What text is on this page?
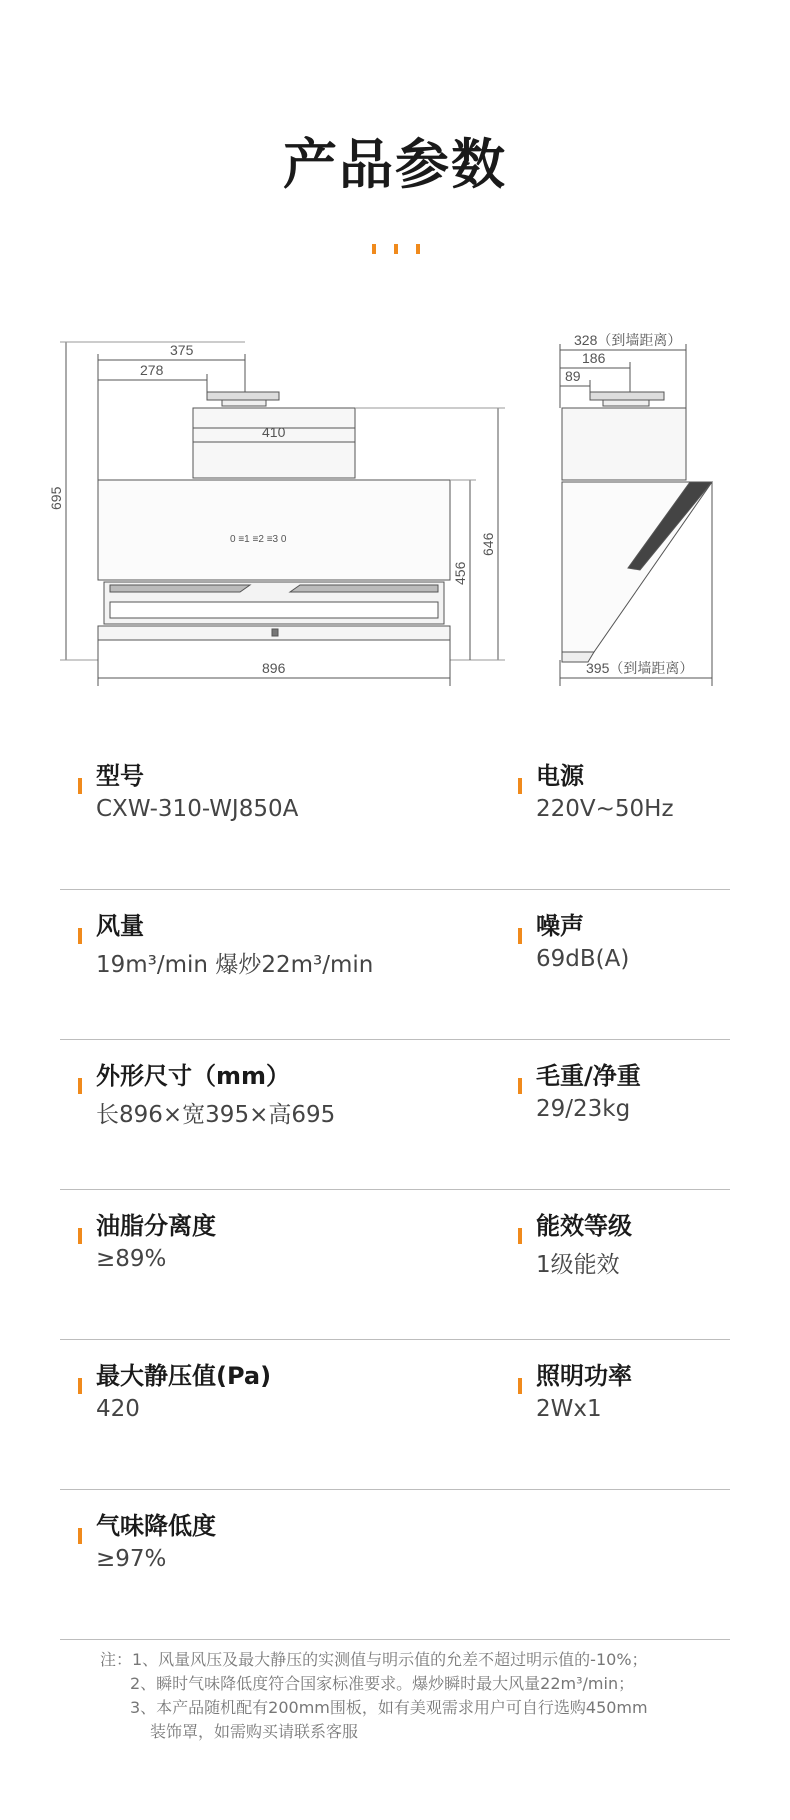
产品参数
375
278
410
695
646
456
896
0 ≡1 ≡2 ≡3 0
328（到墙距离）
186
89
395（到墙距离）
型号
CXW-310-WJ850A
电源
220V~50Hz
风量
19m³/min 爆炒22m³/min
噪声
69dB(A)
外形尺寸（mm）
长896×宽395×高695
毛重/净重
29/23kg
油脂分离度
≥89%
能效等级
1级能效
最大静压值(Pa)
420
照明功率
2Wx1
气味降低度
≥97%
注：1、风量风压及最大静压的实测值与明示值的允差不超过明示值的-10%；
2、瞬时气味降低度符合国家标准要求。爆炒瞬时最大风量22m³/min；
3、本产品随机配有200mm围板，如有美观需求用户可自行选购450mm
装饰罩，如需购买请联系客服
